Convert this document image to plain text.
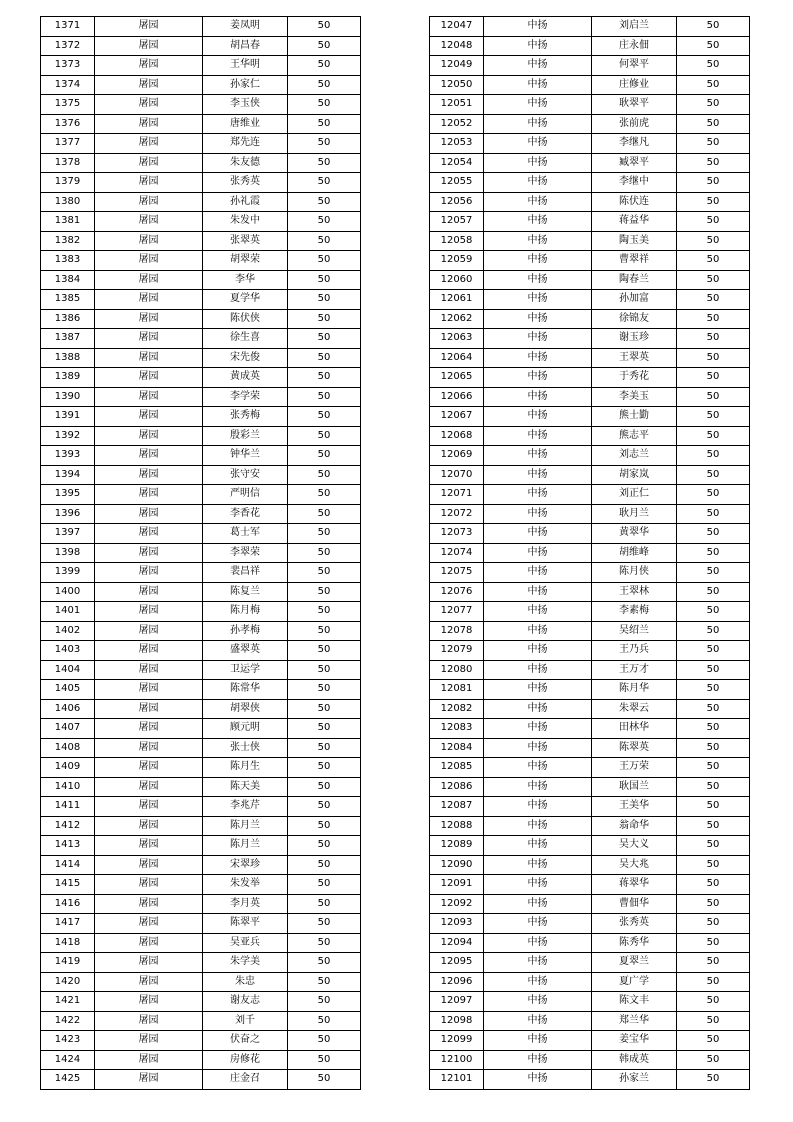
1371	屠园	姜凤明	50
1372	屠园	胡昌春	50
1373	屠园	王华明	50
1374	屠园	孙家仁	50
1375	屠园	李玉侠	50
1376	屠园	唐维业	50
1377	屠园	郑先连	50
1378	屠园	朱友德	50
1379	屠园	张秀英	50
1380	屠园	孙礼霞	50
1381	屠园	朱发中	50
1382	屠园	张翠英	50
1383	屠园	胡翠荣	50
1384	屠园	李华	50
1385	屠园	夏学华	50
1386	屠园	陈伏侠	50
1387	屠园	徐生喜	50
1388	屠园	宋先俊	50
1389	屠园	黄成英	50
1390	屠园	李学荣	50
1391	屠园	张秀梅	50
1392	屠园	殷彩兰	50
1393	屠园	钟华兰	50
1394	屠园	张守安	50
1395	屠园	严明信	50
1396	屠园	李香花	50
1397	屠园	葛士军	50
1398	屠园	李翠荣	50
1399	屠园	裴昌祥	50
1400	屠园	陈复兰	50
1401	屠园	陈月梅	50
1402	屠园	孙孝梅	50
1403	屠园	盛翠英	50
1404	屠园	卫运学	50
1405	屠园	陈常华	50
1406	屠园	胡翠侠	50
1407	屠园	顾元明	50
1408	屠园	张士侠	50
1409	屠园	陈月生	50
1410	屠园	陈天美	50
1411	屠园	李兆芹	50
1412	屠园	陈月兰	50
1413	屠园	陈月兰	50
1414	屠园	宋翠珍	50
1415	屠园	朱发举	50
1416	屠园	李月英	50
1417	屠园	陈翠平	50
1418	屠园	吴亚兵	50
1419	屠园	朱学美	50
1420	屠园	朱忠	50
1421	屠园	谢友志	50
1422	屠园	刘千	50
1423	屠园	伏奋之	50
1424	屠园	房修花	50
1425	屠园	庄金召	50
12047	中扬	刘启兰	50
12048	中扬	庄永佃	50
12049	中扬	何翠平	50
12050	中扬	庄修业	50
12051	中扬	耿翠平	50
12052	中扬	张前虎	50
12053	中扬	李继凡	50
12054	中扬	臧翠平	50
12055	中扬	李继中	50
12056	中扬	陈伏连	50
12057	中扬	蒋益华	50
12058	中扬	陶玉美	50
12059	中扬	曹翠祥	50
12060	中扬	陶春兰	50
12061	中扬	孙加富	50
12062	中扬	徐锦友	50
12063	中扬	谢玉珍	50
12064	中扬	王翠英	50
12065	中扬	于秀花	50
12066	中扬	李美玉	50
12067	中扬	熊士勤	50
12068	中扬	熊志平	50
12069	中扬	刘志兰	50
12070	中扬	胡家岚	50
12071	中扬	刘正仁	50
12072	中扬	耿月兰	50
12073	中扬	黄翠华	50
12074	中扬	胡维峰	50
12075	中扬	陈月侠	50
12076	中扬	王翠林	50
12077	中扬	李素梅	50
12078	中扬	吴绍兰	50
12079	中扬	王乃兵	50
12080	中扬	王万才	50
12081	中扬	陈月华	50
12082	中扬	朱翠云	50
12083	中扬	田林华	50
12084	中扬	陈翠英	50
12085	中扬	王万荣	50
12086	中扬	耿国兰	50
12087	中扬	王美华	50
12088	中扬	翁命华	50
12089	中扬	吴大义	50
12090	中扬	吴大兆	50
12091	中扬	蒋翠华	50
12092	中扬	曹佃华	50
12093	中扬	张秀英	50
12094	中扬	陈秀华	50
12095	中扬	夏翠兰	50
12096	中扬	夏广学	50
12097	中扬	陈文丰	50
12098	中扬	郑兰华	50
12099	中扬	姜宝华	50
12100	中扬	韩成英	50
12101	中扬	孙家兰	50
